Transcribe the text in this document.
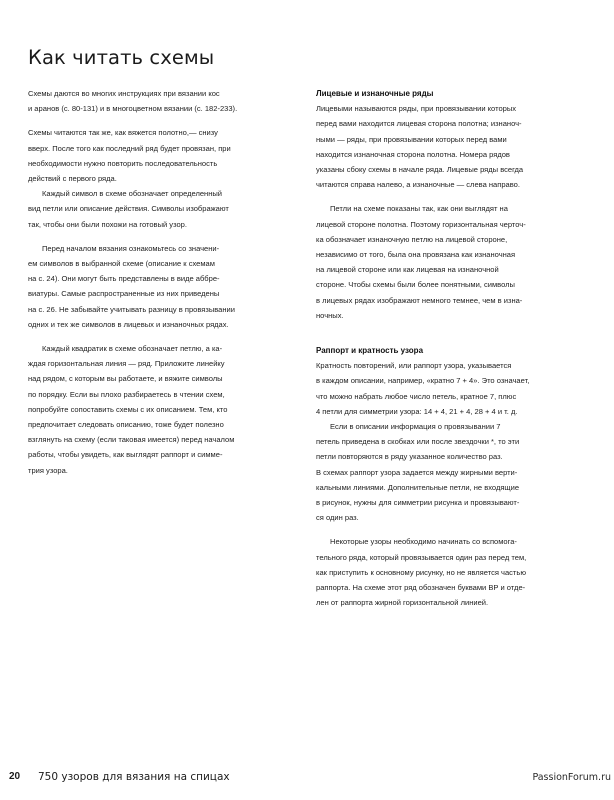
Как читать схемы
Схемы даются во многих инструкциях при вязании кос
и аранов (с. 80-131) и в многоцветном вязании (с. 182-233).
Схемы читаются так же, как вяжется полотно,— снизу
вверх. После того как последний ряд будет провязан, при
необходимости нужно повторить последовательность
действий с первого ряда.
Каждый символ в схеме обозначает определенный
вид петли или описание действия. Символы изображают
так, чтобы они были похожи на готовый узор.
Перед началом вязания ознакомьтесь со значени-
ем символов в выбранной схеме (описание к схемам
на с. 24). Они могут быть представлены в виде аббре-
виатуры. Самые распространенные из них приведены
на с. 26. Не забывайте учитывать разницу в провязывании
одних и тех же символов в лицевых и изнаночных рядах.
Каждый квадратик в схеме обозначает петлю, а ка-
ждая горизонтальная линия — ряд. Приложите линейку
над рядом, с которым вы работаете, и вяжите символы
по порядку. Если вы плохо разбираетесь в чтении схем,
попробуйте сопоставить схемы с их описанием. Тем, кто
предпочитает следовать описанию, тоже будет полезно
взглянуть на схему (если таковая имеется) перед началом
работы, чтобы увидеть, как выглядят раппорт и симме-
трия узора.
Лицевые и изнаночные ряды
Лицевыми называются ряды, при провязывании которых
перед вами находится лицевая сторона полотна; изнаноч-
ными — ряды, при провязывании которых перед вами
находится изнаночная сторона полотна. Номера рядов
указаны сбоку схемы в начале ряда. Лицевые ряды всегда
читаются справа налево, а изнаночные — слева направо.
Петли на схеме показаны так, как они выглядят на
лицевой стороне полотна. Поэтому горизонтальная черточ-
ка обозначает изнаночную петлю на лицевой стороне,
независимо от того, была она провязана как изнаночная
на лицевой стороне или как лицевая на изнаночной
стороне. Чтобы схемы были более понятными, символы
в лицевых рядах изображают немного темнее, чем в изна-
ночных.
Раппорт и кратность узора
Кратность повторений, или раппорт узора, указывается
в каждом описании, например, «кратно 7 + 4». Это означает,
что можно набрать любое число петель, кратное 7, плюс
4 петли для симметрии узора: 14 + 4, 21 + 4, 28 + 4 и т. д.
Если в описании информация о провязывании 7
петель приведена в скобках или после звездочки *, то эти
петли повторяются в ряду указанное количество раз.
В схемах раппорт узора задается между жирными верти-
кальными линиями. Дополнительные петли, не входящие
в рисунок, нужны для симметрии рисунка и провязывают-
ся один раз.
Некоторые узоры необходимо начинать со вспомога-
тельного ряда, который провязывается один раз перед тем,
как приступить к основному рисунку, но не является частью
раппорта. На схеме этот ряд обозначен буквами ВР и отде-
лен от раппорта жирной горизонтальной линией.
20 750 узоров для вязания на спицах	PassionForum.ru
